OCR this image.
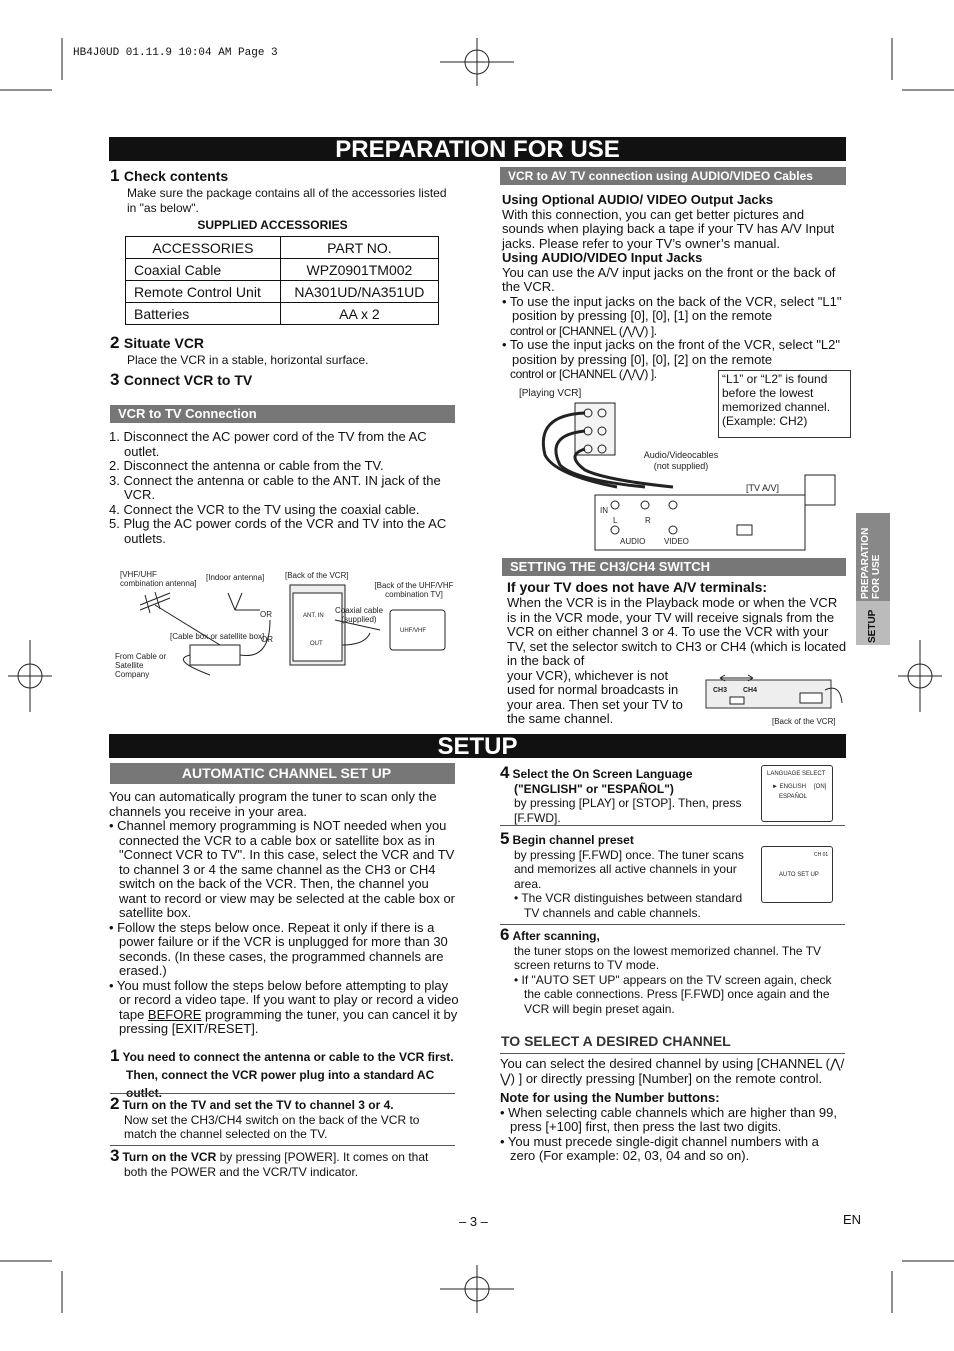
HB4J0UD 01.11.9 10:04 AM Page 3
PREPARATION FOR USE
1 Check contents
Make sure the package contains all of the accessories listed in "as below".
SUPPLIED ACCESSORIES
ACCESSORIES	PART NO.
Coaxial Cable	WPZ0901TM002
Remote Control Unit	NA301UD/NA351UD
Batteries	AA x 2
2 Situate VCR
Place the VCR in a stable, horizontal surface.
3 Connect VCR to TV
VCR to TV Connection
1. Disconnect the AC power cord of the TV from the AC outlet.
2. Disconnect the antenna or cable from the TV.
3. Connect the antenna or cable to the ANT. IN jack of the VCR.
4. Connect the VCR to the TV using the coaxial cable.
5. Plug the AC power cords of the VCR and TV into the AC outlets.
[VHF/UHF combination antenna]
[Indoor antenna]	[Back of the VCR]
[Back of the UHF/VHF combination TV]
Coaxial cable (supplied)
[Cable box or satellite box]
From Cable or Satellite Company
OR
OR
ANT. IN
OUT
UHF/VHF
VCR to AV TV connection using AUDIO/VIDEO Cables
Using Optional AUDIO/ VIDEO Output Jacks
With this connection, you can get better pictures and sounds when playing back a tape if your TV has A/V Input jacks. Please refer to your TV’s owner’s manual.
Using AUDIO/VIDEO Input Jacks
You can use the A/V input jacks on the front or the back of the VCR.
• To use the input jacks on the back of the VCR, select "L1" position by pressing [0], [0], [1] on the remote
control or [CHANNEL (⋀/⋁) ].
• To use the input jacks on the front of the VCR, select "L2" position by pressing [0], [0], [2] on the remote
control or [CHANNEL (⋀/⋁) ].	“L1” or “L2” is found before the lowest memorized channel. (Example: CH2)
[Playing VCR]
Audio/Videocables (not supplied)
[TV A/V]
IN
L	R
AUDIO VIDEO
SETTING THE CH3/CH4 SWITCH
If your TV does not have A/V terminals:
When the VCR is in the Playback mode or when the VCR is in the VCR mode, your TV will receive signals from the VCR on either channel 3 or 4. To use the VCR with your TV, set the selector switch to CH3 or CH4 (which is located in the back of
your VCR), whichever is not used for normal broadcasts in your area. Then set your TV to the same channel.
CH3 CH4
[Back of the VCR]
PREPARATION FOR USE
SETUP
SETUP
AUTOMATIC CHANNEL SET UP
You can automatically program the tuner to scan only the channels you receive in your area.
• Channel memory programming is NOT needed when you connected the VCR to a cable box or satellite box as in "Connect VCR to TV". In this case, select the VCR and TV to channel 3 or 4 the same channel as the CH3 or CH4 switch on the back of the VCR. Then, the channel you want to record or view may be selected at the cable box or satellite box.
• Follow the steps below once. Repeat it only if there is a power failure or if the VCR is unplugged for more than 30 seconds. (In these cases, the programmed channels are erased.)
• You must follow the steps below before attempting to play or record a video tape. If you want to play or record a video tape BEFORE programming the tuner, you can cancel it by pressing [EXIT/RESET].
1 You need to connect the antenna or cable to the VCR first. Then, connect the VCR power plug into a standard AC outlet.
2 Turn on the TV and set the TV to channel 3 or 4.
Now set the CH3/CH4 switch on the back of the VCR to match the channel selected on the TV.
3 Turn on the VCR by pressing [POWER]. It comes on that both the POWER and the VCR/TV indicator.
4 Select the On Screen Language ("ENGLISH" or "ESPAÑOL")
by pressing [PLAY] or [STOP]. Then, press [F.FWD].
LANGUAGE SELECT
► ENGLISH [ON]
ESPAÑOL
5 Begin channel preset
by pressing [F.FWD] once. The tuner scans and memorizes all active channels in your area.
• The VCR distinguishes between standard TV channels and cable channels.
CH 01
AUTO SET UP
6 After scanning,
the tuner stops on the lowest memorized channel. The TV screen returns to TV mode.
• If "AUTO SET UP" appears on the TV screen again, check the cable connections. Press [F.FWD] once again and the VCR will begin preset again.
TO SELECT A DESIRED CHANNEL
You can select the desired channel by using [CHANNEL (⋀/⋁) ] or directly pressing [Number] on the remote control.
Note for using the Number buttons:
• When selecting cable channels which are higher than 99, press [+100] first, then press the last two digits.
• You must precede single-digit channel numbers with a zero (For example: 02, 03, 04 and so on).
– 3 –	EN
